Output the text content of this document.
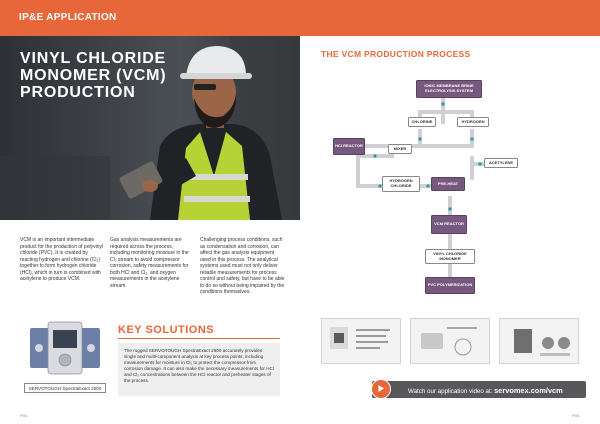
IP&E APPLICATION
VINYL CHLORIDE MONOMER (VCM) PRODUCTION

VCM is an important intermediate product for the production of polyvinyl chloride (PVC). It is created by reacting hydrogen and chlorine (Cl₂) together to form hydrogen chloride (HCl), which in turn is combined with acetylene to produce VCM.

Gas analysis measurements are required across the process, including monitoring moisture in the Cl₂ stream to avoid compressor corrosion, safety measurements for both HCl and Cl₂, and oxygen measurements in the acetylene stream.

Challenging process conditions, such as condensation and corrosion, can affect the gas analysis equipment used in this process. The analytical systems used must not only deliver reliable measurements for process control and safety, but have to be able to do so without being impaired by the conditions themselves.

SERVOTOUGH SpectraExact 2500
KEY SOLUTIONS
The rugged SERVOTOUGH SpectraExact 2500 accurately provides single and multi-component analysis at key process points, including measurements for moisture in Cl₂ to protect the compressor from corrosion damage. It can also make the necessary measurements for HCl and Cl₂ concentrations between the HCl reactor and preheater stages of the process.
THE VCM PRODUCTION PROCESS
IONIC MEMBRANE BRINE ELECTROLYSIS SYSTEM
CHLORINE	HYDROGEN
HCl REACTOR	MIXER
ACETYLENE
HYDROGEN CHLORIDE	PRE-HEAT
VCM REACTOR
VINYL CHLORIDE MONOMER
PVC POLYMERIZATION
Watch our application video at: servomex.com/vcm
P04	P05
